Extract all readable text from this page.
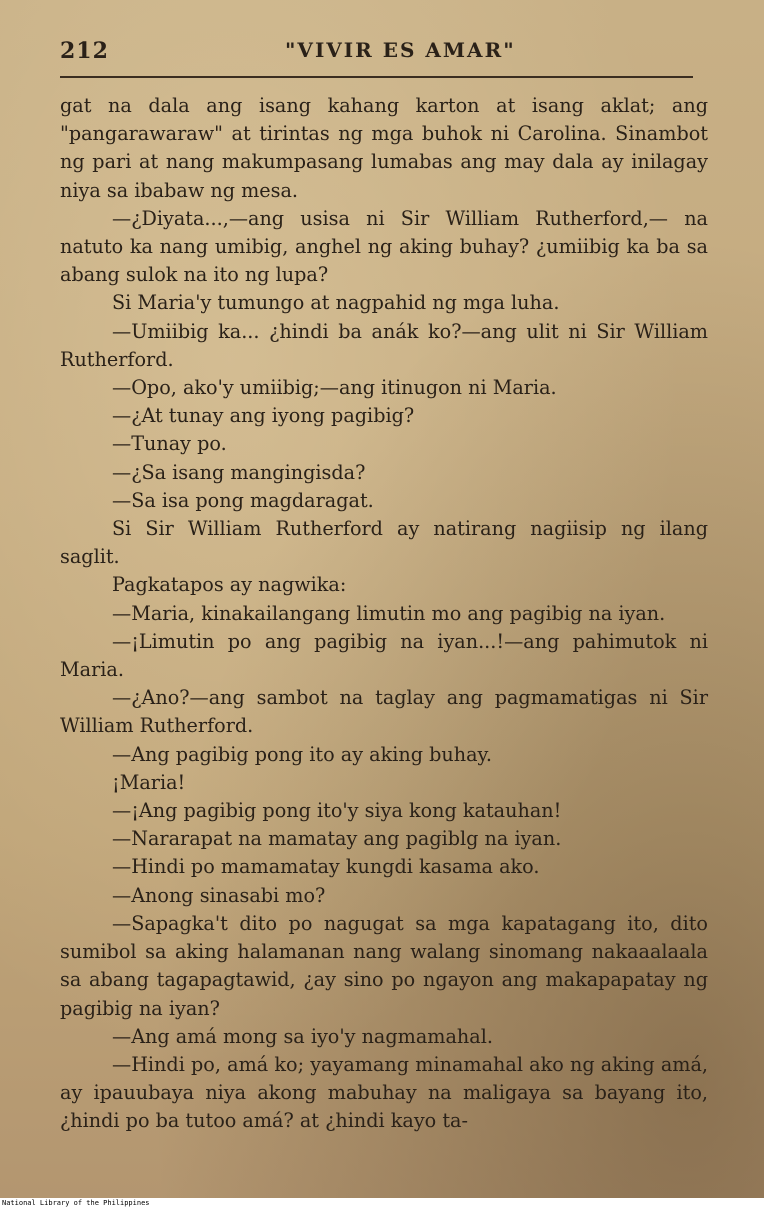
212	"VIVIR ES AMAR"

gat na dala ang isang kahang karton at isang aklat; ang "pangarawaraw" at tirintas ng mga buhok ni Carolina. Sinambot ng pari at nang makumpasang lumabas ang may dala ay inilagay niya sa ibabaw ng mesa.

—¿Diyata...,—ang usisa ni Sir William Rutherford,— na natuto ka nang umibig, anghel ng aking buhay? ¿umiibig ka ba sa abang sulok na ito ng lupa?

Si Maria'y tumungo at nagpahid ng mga luha.

—Umiibig ka... ¿hindi ba anák ko?—ang ulit ni Sir William Rutherford.

—Opo, ako'y umiibig;—ang itinugon ni Maria.

—¿At tunay ang iyong pagibig?

—Tunay po.

—¿Sa isang mangingisda?

—Sa isa pong magdaragat.

Si Sir William Rutherford ay natirang nagiisip ng ilang saglit.

Pagkatapos ay nagwika:

—Maria, kinakailangang limutin mo ang pagibig na iyan.

—¡Limutin po ang pagibig na iyan...!—ang pahimutok ni Maria.

—¿Ano?—ang sambot na taglay ang pagmamatigas ni Sir William Rutherford.

—Ang pagibig pong ito ay aking buhay.

¡Maria!

—¡Ang pagibig pong ito'y siya kong katauhan!

—Nararapat na mamatay ang pagiblg na iyan.

—Hindi po mamamatay kungdi kasama ako.

—Anong sinasabi mo?

—Sapagka't dito po nagugat sa mga kapatagang ito, dito sumibol sa aking halamanan nang walang sinomang nakaaalaala sa abang tagapagtawid, ¿ay sino po ngayon ang makapapatay ng pagibig na iyan?

—Ang amá mong sa iyo'y nagmamahal.

—Hindi po, amá ko; yayamang minamahal ako ng aking amá, ay ipauubaya niya akong mabuhay na maligaya sa bayang ito, ¿hindi po ba tutoo amá? at ¿hindi kayo ta-

National Library of the Philippines
